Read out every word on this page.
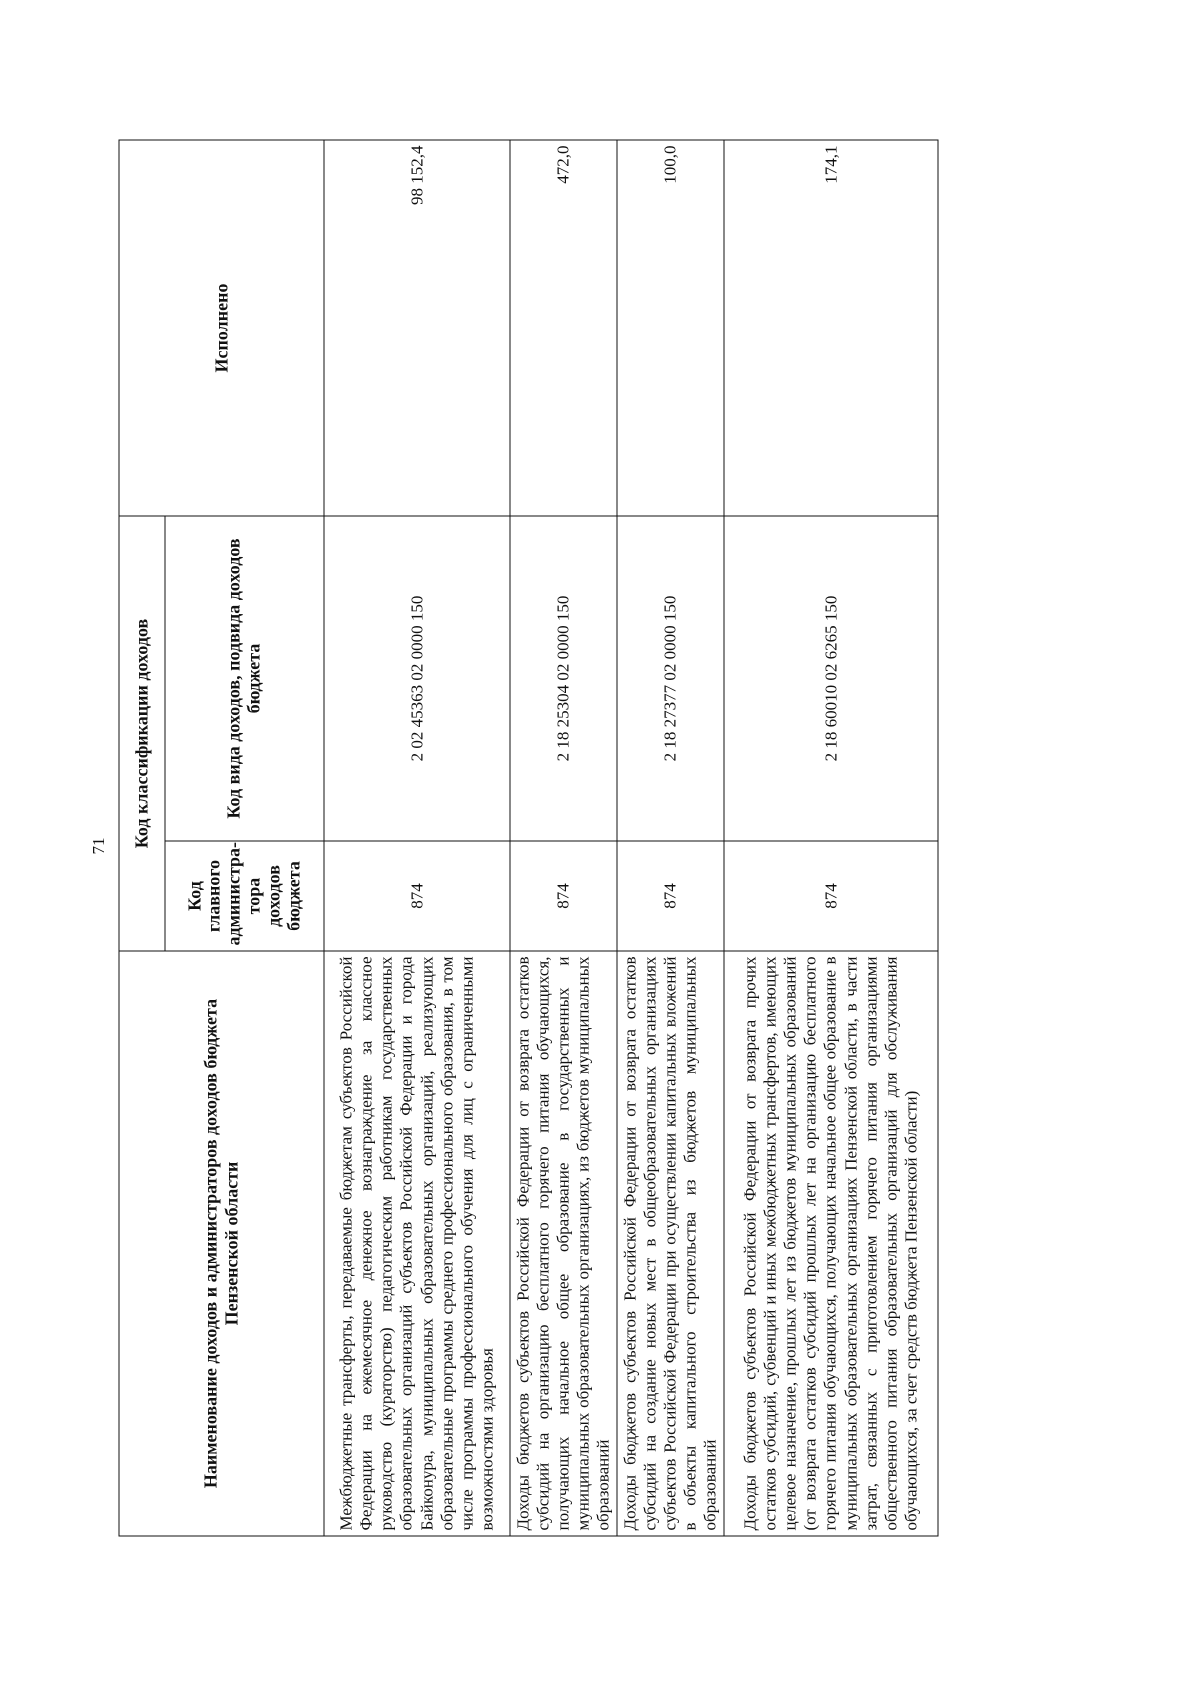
71
Наименование доходов и администраторов доходов бюджета Пензенской области	Код классификации доходов		Исполнено
	Код главного администра-тора доходов бюджета	Код вида доходов, подвида доходов бюджета	
Межбюджетные трансферты, передаваемые бюджетам субъектов Российской Федерации на ежемесячное денежное вознаграждение за классное руководство (кураторство) педагогическим работникам государственных образовательных организаций субъектов Российской Федерации и города Байконура, муниципальных образовательных организаций, реализующих образовательные программы среднего профессионального образования, в том числе программы профессионального обучения для лиц с ограниченными возможностями здоровья	874	2 02 45363 02 0000 150	98 152,4
Доходы бюджетов субъектов Российской Федерации от возврата остатков субсидий на организацию бесплатного горячего питания обучающихся, получающих начальное общее образование в государственных и муниципальных образовательных организациях, из бюджетов муниципальных образований	874	2 18 25304 02 0000 150	472,0
Доходы бюджетов субъектов Российской Федерации от возврата остатков субсидий на создание новых мест в общеобразовательных организациях субъектов Российской Федерации при осуществлении капитальных вложений в объекты капитального строительства из бюджетов муниципальных образований	874	2 18 27377 02 0000 150	100,0
Доходы бюджетов субъектов Российской Федерации от возврата прочих остатков субсидий, субвенций и иных межбюджетных трансфертов, имеющих целевое назначение, прошлых лет из бюджетов муниципальных образований (от возврата остатков субсидий прошлых лет на организацию бесплатного горячего питания обучающихся, получающих начальное общее образование в муниципальных образовательных организациях Пензенской области, в части затрат, связанных с приготовлением горячего питания организациями общественного питания образовательных организаций для обслуживания обучающихся, за счет средств бюджета Пензенской области)	874	2 18 60010 02 6265 150	174,1
